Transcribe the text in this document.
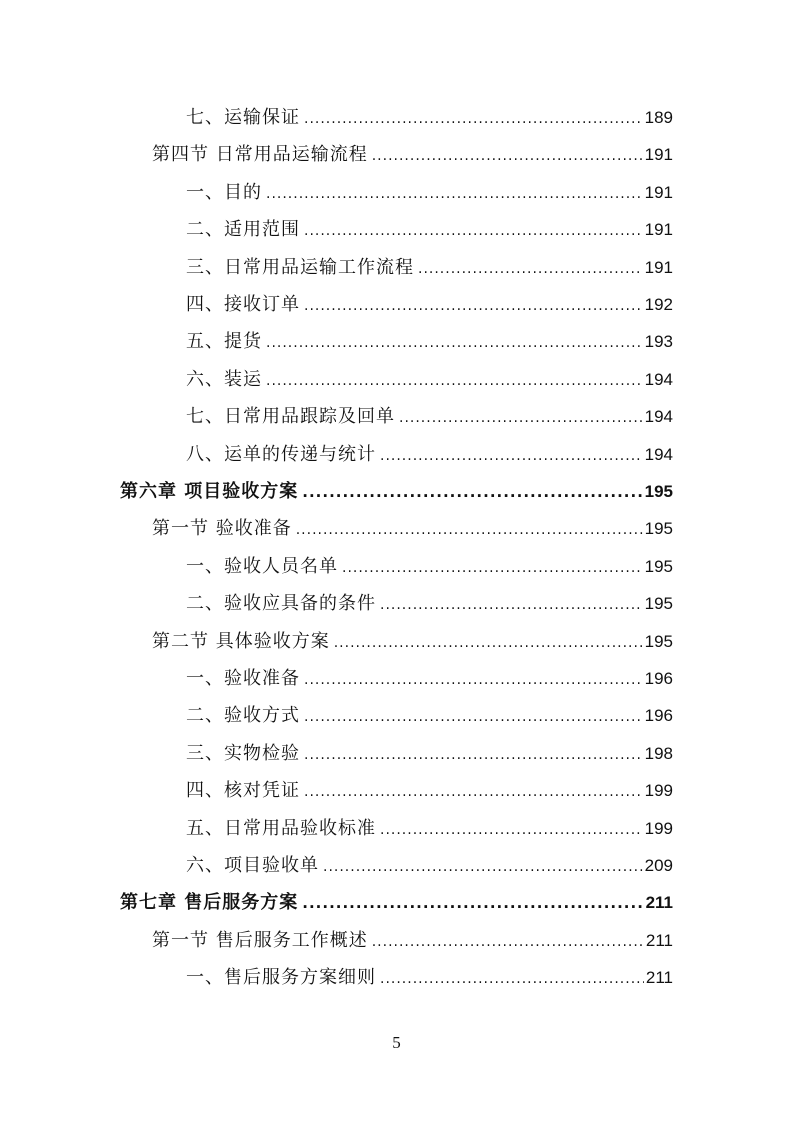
七、运输保证 .....	189
第四节 日常用品运输流程 .....	191
一、目的 .....	191
二、适用范围 .....	191
三、日常用品运输工作流程 .....	191
四、接收订单 .....	192
五、提货 .....	193
六、装运 .....	194
七、日常用品跟踪及回单 .....	194
八、运单的传递与统计 .....	194
第六章 项目验收方案 .....	195
第一节 验收准备 .....	195
一、验收人员名单 .....	195
二、验收应具备的条件 .....	195
第二节 具体验收方案 .....	195
一、验收准备 .....	196
二、验收方式 .....	196
三、实物检验 .....	198
四、核对凭证 .....	199
五、日常用品验收标准 .....	199
六、项目验收单 .....	209
第七章 售后服务方案 .....	211
第一节 售后服务工作概述 .....	211
一、售后服务方案细则 .....	211
5
